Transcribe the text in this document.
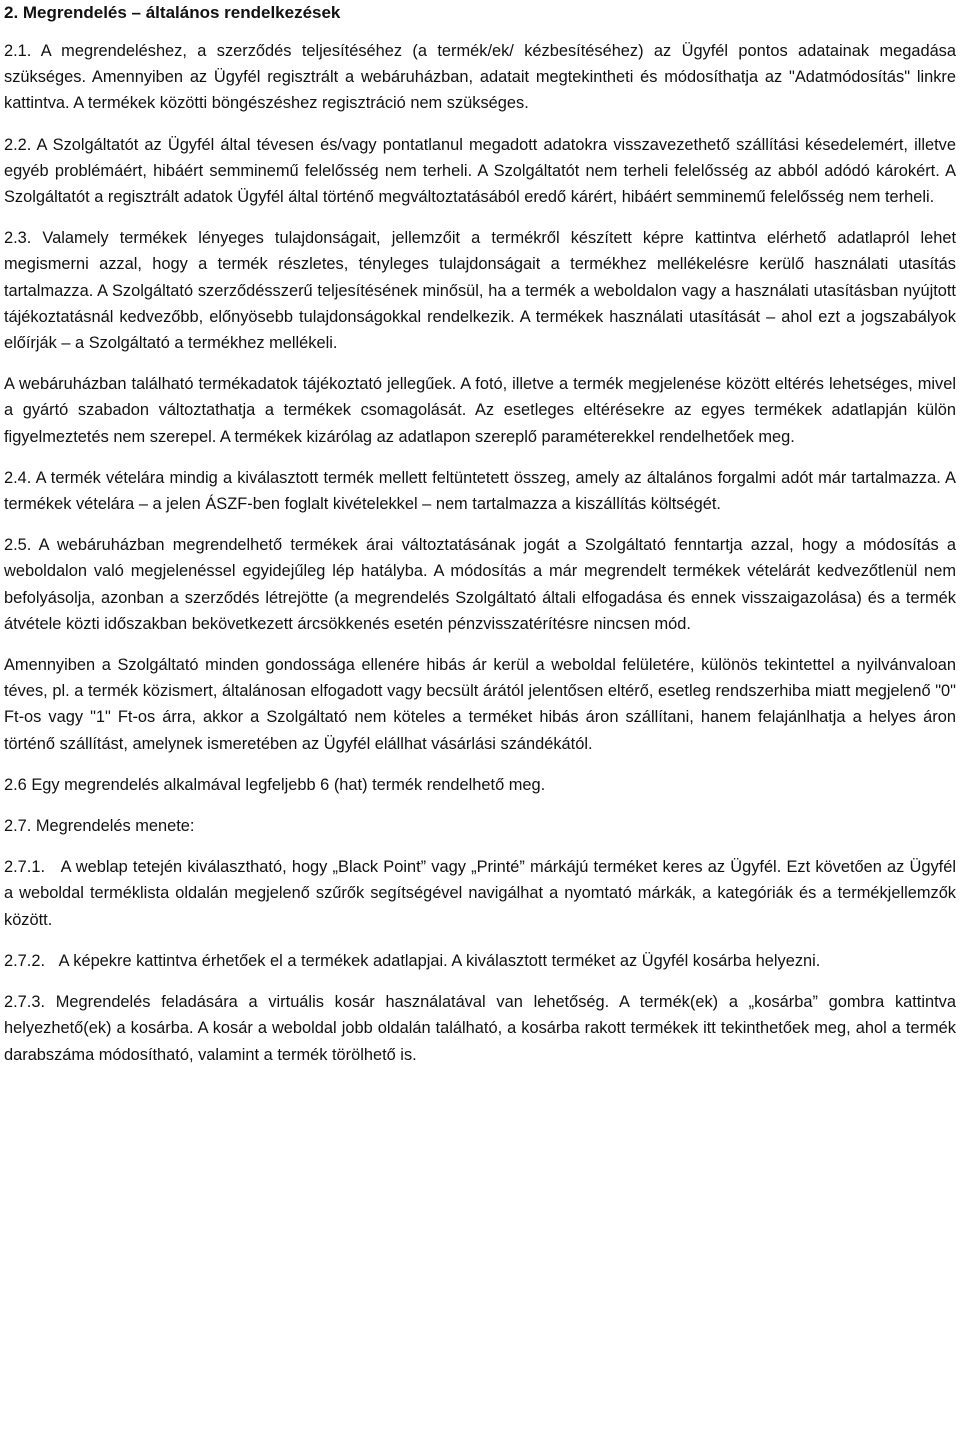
2. Megrendelés – általános rendelkezések

2.1. A megrendeléshez, a szerződés teljesítéséhez (a termék/ek/ kézbesítéséhez) az Ügyfél pontos adatainak megadása szükséges. Amennyiben az Ügyfél regisztrált a webáruházban, adatait megtekintheti és módosíthatja az "Adatmódosítás" linkre kattintva. A termékek közötti böngészéshez regisztráció nem szükséges.

2.2. A Szolgáltatót az Ügyfél által tévesen és/vagy pontatlanul megadott adatokra visszavezethető szállítási késedelemért, illetve egyéb problémáért, hibáért semminemű felelősség nem terheli. A Szolgáltatót nem terheli felelősség az abból adódó károkért. A Szolgáltatót a regisztrált adatok Ügyfél által történő megváltoztatásából eredő kárért, hibáért semminemű felelősség nem terheli.

2.3. Valamely termékek lényeges tulajdonságait, jellemzőit a termékről készített képre kattintva elérhető adatlapról lehet megismerni azzal, hogy a termék részletes, tényleges tulajdonságait a termékhez mellékelésre kerülő használati utasítás tartalmazza. A Szolgáltató szerződésszerű teljesítésének minősül, ha a termék a weboldalon vagy a használati utasításban nyújtott tájékoztatásnál kedvezőbb, előnyösebb tulajdonságokkal rendelkezik. A termékek használati utasítását – ahol ezt a jogszabályok előírják – a Szolgáltató a termékhez mellékeli.

A webáruházban található termékadatok tájékoztató jellegűek. A fotó, illetve a termék megjelenése között eltérés lehetséges, mivel a gyártó szabadon változtathatja a termékek csomagolását. Az esetleges eltérésekre az egyes termékek adatlapján külön figyelmeztetés nem szerepel. A termékek kizárólag az adatlapon szereplő paraméterekkel rendelhetőek meg.

2.4. A termék vételára mindig a kiválasztott termék mellett feltüntetett összeg, amely az általános forgalmi adót már tartalmazza. A termékek vételára – a jelen ÁSZF-ben foglalt kivételekkel – nem tartalmazza a kiszállítás költségét.

2.5. A webáruházban megrendelhető termékek árai változtatásának jogát a Szolgáltató fenntartja azzal, hogy a módosítás a weboldalon való megjelenéssel egyidejűleg lép hatályba. A módosítás a már megrendelt termékek vételárát kedvezőtlenül nem befolyásolja, azonban a szerződés létrejötte (a megrendelés Szolgáltató általi elfogadása és ennek visszaigazolása) és a termék átvétele közti időszakban bekövetkezett árcsökkenés esetén pénzvisszatérítésre nincsen mód.

Amennyiben a Szolgáltató minden gondossága ellenére hibás ár kerül a weboldal felületére, különös tekintettel a nyilvánvaloan téves, pl. a termék közismert, általánosan elfogadott vagy becsült árától jelentősen eltérő, esetleg rendszerhiba miatt megjelenő "0" Ft-os vagy "1" Ft-os árra, akkor a Szolgáltató nem köteles a terméket hibás áron szállítani, hanem felajánlhatja a helyes áron történő szállítást, amelynek ismeretében az Ügyfél elállhat vásárlási szándékától.

2.6 Egy megrendelés alkalmával legfeljebb 6 (hat) termék rendelhető meg.

2.7. Megrendelés menete:

2.7.1.   A weblap tetején kiválasztható, hogy „Black Point” vagy „Printé” márkájú terméket keres az Ügyfél. Ezt követően az Ügyfél a weboldal terméklista oldalán megjelenő szűrők segítségével navigálhat a nyomtató márkák, a kategóriák és a termékjellemzők között.

2.7.2.   A képekre kattintva érhetőek el a termékek adatlapjai. A kiválasztott terméket az Ügyfél kosárba helyezni.

2.7.3. Megrendelés feladására a virtuális kosár használatával van lehetőség. A termék(ek) a „kosárba” gombra kattintva helyezhető(ek) a kosárba. A kosár a weboldal jobb oldalán található, a kosárba rakott termékek itt tekinthetőek meg, ahol a termék darabszáma módosítható, valamint a termék törölhető is.
